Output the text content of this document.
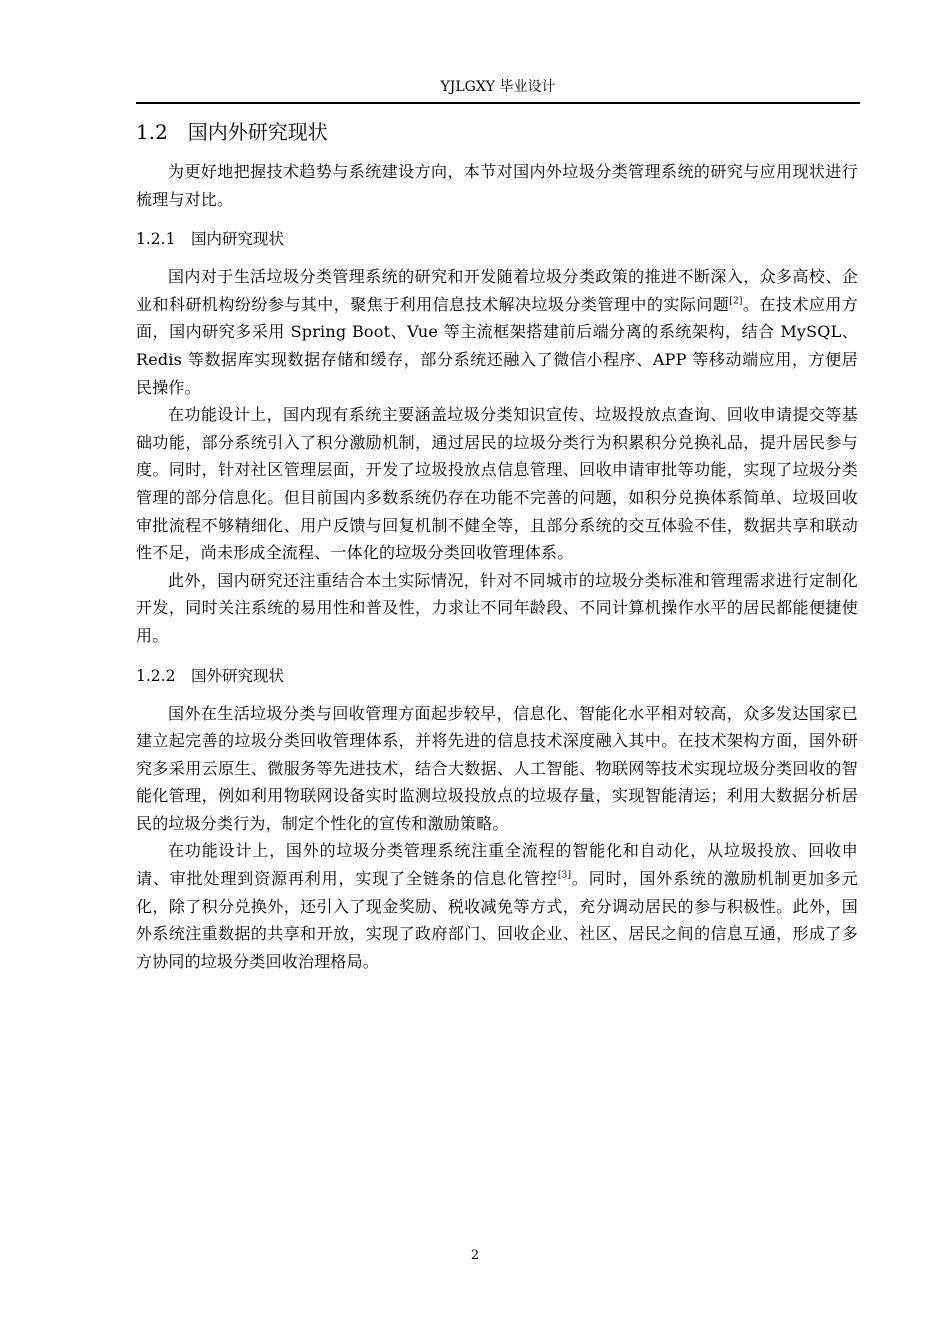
YJLGXY 毕业设计
1.2　国内外研究现状

为更好地把握技术趋势与系统建设方向，本节对国内外垃圾分类管理系统的研究与应用现状进行梳理与对比。

1.2.1　国内研究现状

国内对于生活垃圾分类管理系统的研究和开发随着垃圾分类政策的推进不断深入，众多高校、企业和科研机构纷纷参与其中，聚焦于利用信息技术解决垃圾分类管理中的实际问题[2]。在技术应用方面，国内研究多采用 Spring Boot、Vue 等主流框架搭建前后端分离的系统架构，结合 MySQL、Redis 等数据库实现数据存储和缓存，部分系统还融入了微信小程序、APP 等移动端应用，方便居民操作。

在功能设计上，国内现有系统主要涵盖垃圾分类知识宣传、垃圾投放点查询、回收申请提交等基础功能，部分系统引入了积分激励机制，通过居民的垃圾分类行为积累积分兑换礼品，提升居民参与度。同时，针对社区管理层面，开发了垃圾投放点信息管理、回收申请审批等功能，实现了垃圾分类管理的部分信息化。但目前国内多数系统仍存在功能不完善的问题，如积分兑换体系简单、垃圾回收审批流程不够精细化、用户反馈与回复机制不健全等，且部分系统的交互体验不佳，数据共享和联动性不足，尚未形成全流程、一体化的垃圾分类回收管理体系。

此外，国内研究还注重结合本土实际情况，针对不同城市的垃圾分类标准和管理需求进行定制化开发，同时关注系统的易用性和普及性，力求让不同年龄段、不同计算机操作水平的居民都能便捷使用。

1.2.2　国外研究现状

国外在生活垃圾分类与回收管理方面起步较早，信息化、智能化水平相对较高，众多发达国家已建立起完善的垃圾分类回收管理体系，并将先进的信息技术深度融入其中。在技术架构方面，国外研究多采用云原生、微服务等先进技术，结合大数据、人工智能、物联网等技术实现垃圾分类回收的智能化管理，例如利用物联网设备实时监测垃圾投放点的垃圾存量，实现智能清运；利用大数据分析居民的垃圾分类行为，制定个性化的宣传和激励策略。

在功能设计上，国外的垃圾分类管理系统注重全流程的智能化和自动化，从垃圾投放、回收申请、审批处理到资源再利用，实现了全链条的信息化管控[3]。同时，国外系统的激励机制更加多元化，除了积分兑换外，还引入了现金奖励、税收减免等方式，充分调动居民的参与积极性。此外，国外系统注重数据的共享和开放，实现了政府部门、回收企业、社区、居民之间的信息互通，形成了多方协同的垃圾分类回收治理格局。

2
